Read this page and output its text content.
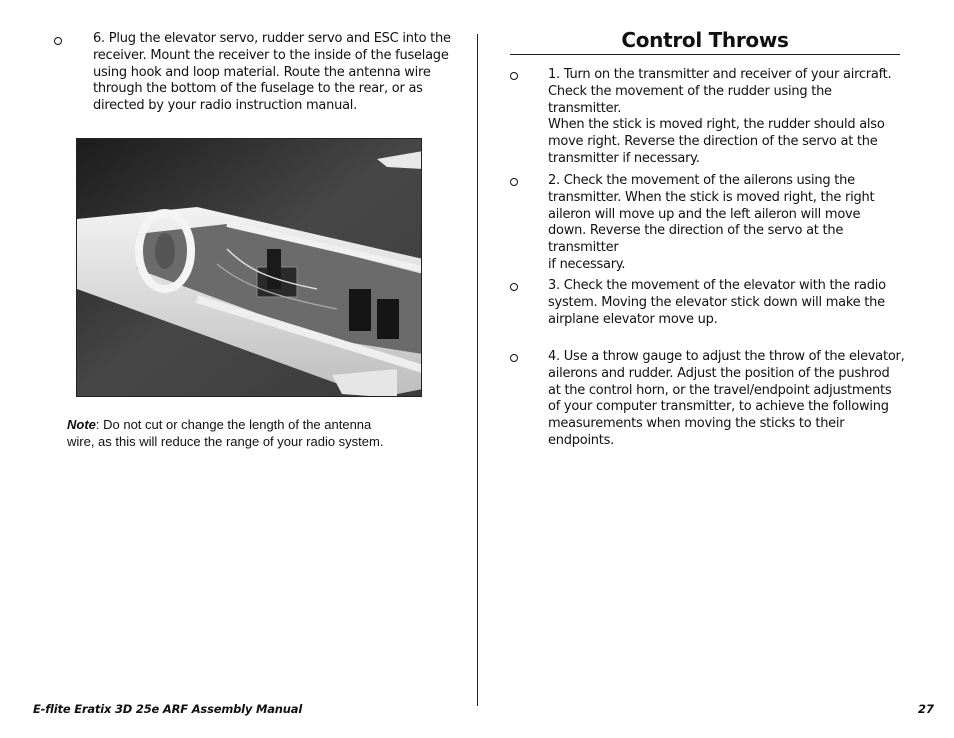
6. Plug the elevator servo, rudder servo and ESC into the
receiver. Mount the receiver to the inside of the fuselage
using hook and loop material. Route the antenna wire
through the bottom of the fuselage to the rear, or as
directed by your radio instruction manual.
Note: Do not cut or change the length of the antenna
wire, as this will reduce the range of your radio system.
Control Throws
1. Turn on the transmitter and receiver of your aircraft.
Check the movement of the rudder using the transmitter.
When the stick is moved right, the rudder should also
move right. Reverse the direction of the servo at the
transmitter if necessary.
2. Check the movement of the ailerons using the
transmitter. When the stick is moved right, the right
aileron will move up and the left aileron will move
down. Reverse the direction of the servo at the transmitter
if necessary.
3. Check the movement of the elevator with the radio
system. Moving the elevator stick down will make the
airplane elevator move up.
4. Use a throw gauge to adjust the throw of the elevator,
ailerons and rudder. Adjust the position of the pushrod
at the control horn, or the travel/endpoint adjustments
of your computer transmitter, to achieve the following
measurements when moving the sticks to their endpoints.
E-flite Eratix 3D 25e ARF Assembly Manual	27
